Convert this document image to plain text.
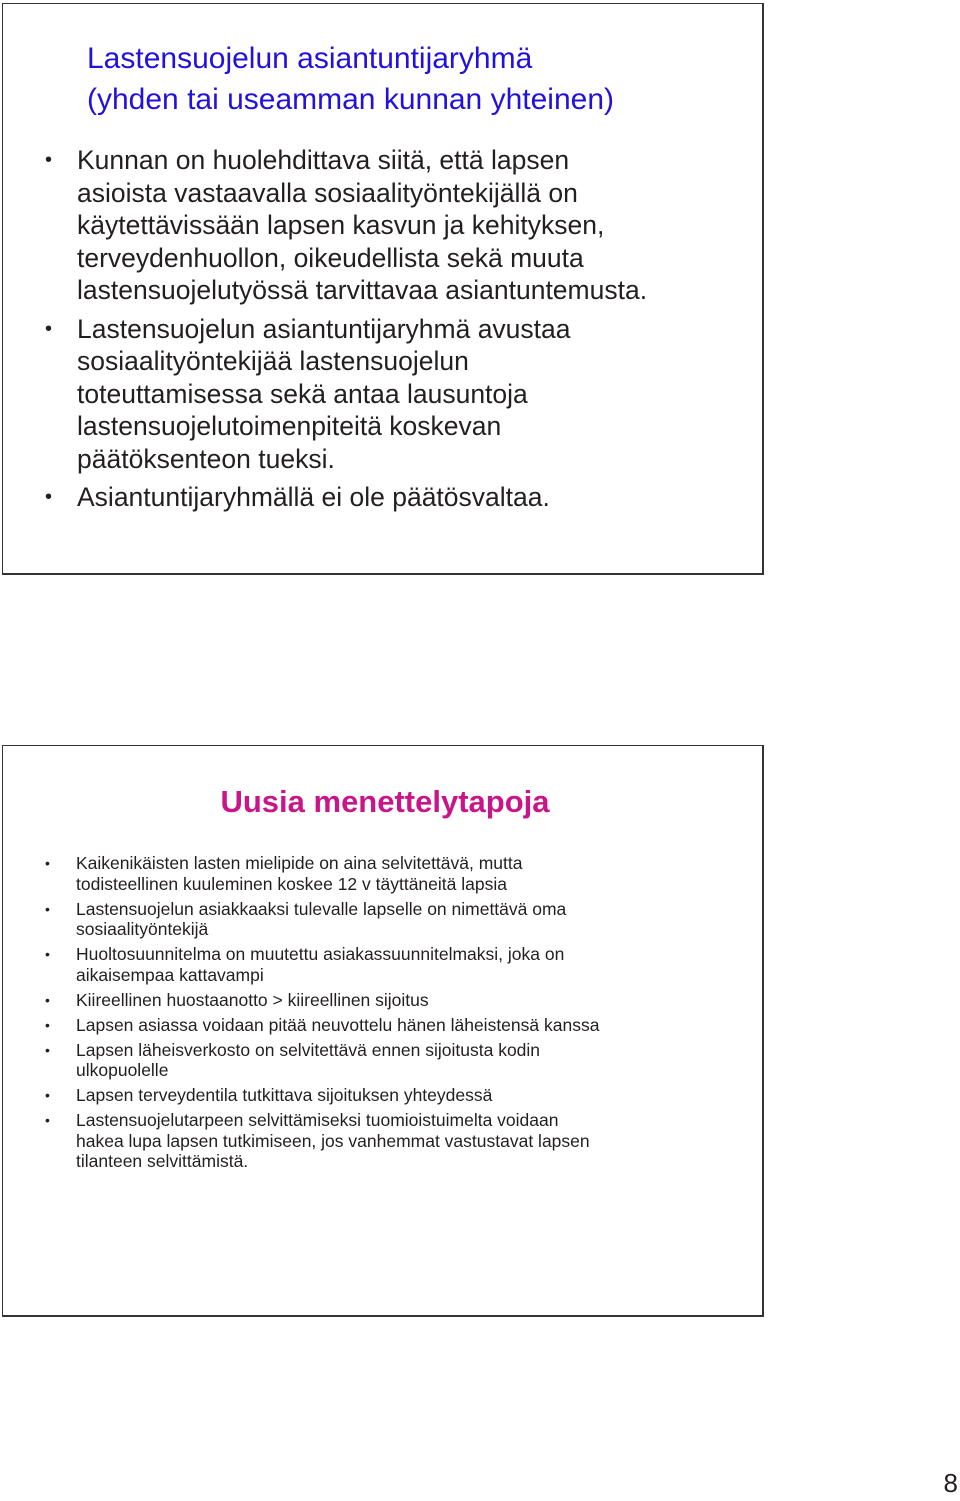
Lastensuojelun asiantuntijaryhmä
(yhden tai useamman kunnan yhteinen)
• Kunnan on huolehdittava siitä, että lapsen
asioista vastaavalla sosiaalityöntekijällä on
käytettävissään lapsen kasvun ja kehityksen,
terveydenhuollon, oikeudellista sekä muuta
lastensuojelutyössä tarvittavaa asiantuntemusta.
• Lastensuojelun asiantuntijaryhmä avustaa
sosiaalityöntekijää lastensuojelun
toteuttamisessa sekä antaa lausuntoja
lastensuojelutoimenpiteitä koskevan
päätöksenteon tueksi.
• Asiantuntijaryhmällä ei ole päätösvaltaa.
Uusia menettelytapoja
• Kaikenikäisten lasten mielipide on aina selvitettävä, mutta
todisteellinen kuuleminen koskee 12 v täyttäneitä lapsia
• Lastensuojelun asiakkaaksi tulevalle lapselle on nimettävä oma
sosiaalityöntekijä
• Huoltosuunnitelma on muutettu asiakassuunnitelmaksi, joka on
aikaisempaa kattavampi
• Kiireellinen huostaanotto > kiireellinen sijoitus
• Lapsen asiassa voidaan pitää neuvottelu hänen läheistensä kanssa
• Lapsen läheisverkosto on selvitettävä ennen sijoitusta kodin
ulkopuolelle
• Lapsen terveydentila tutkittava sijoituksen yhteydessä
• Lastensuojelutarpeen selvittämiseksi tuomioistuimelta voidaan
hakea lupa lapsen tutkimiseen, jos vanhemmat vastustavat lapsen
tilanteen selvittämistä.
8
